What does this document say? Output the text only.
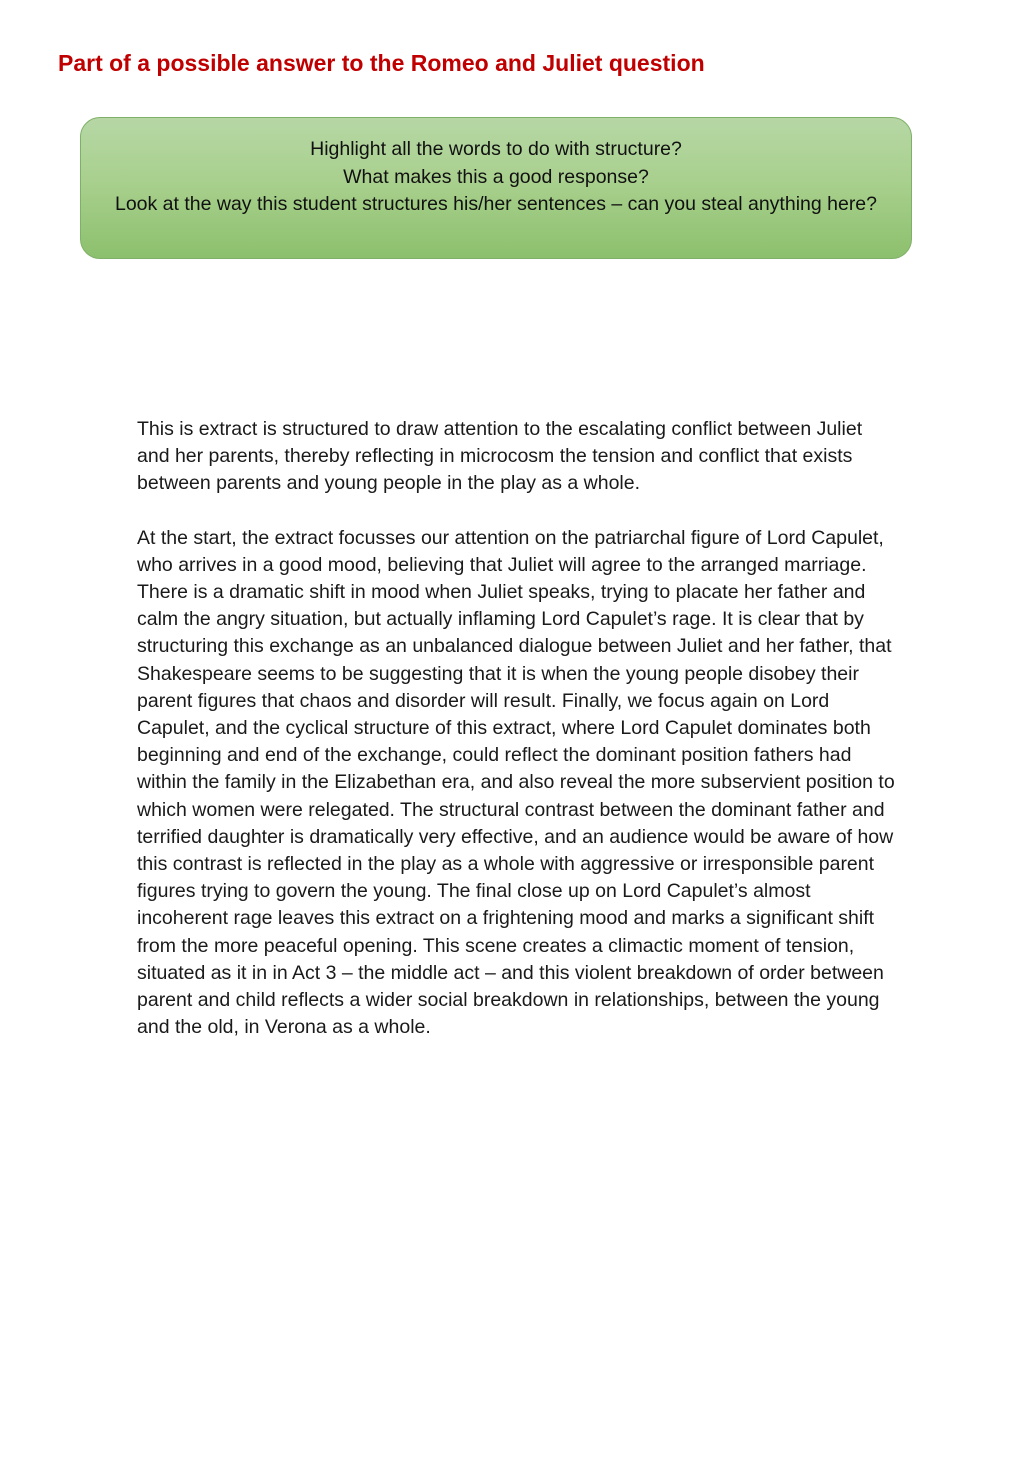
Part of a possible answer to the Romeo and Juliet question
Highlight all the words to do with structure?
What makes this a good response?
Look at the way this student structures his/her sentences – can you steal anything here?

This is extract is structured to draw attention to the escalating conflict between Juliet and her parents, thereby reflecting in microcosm the tension and conflict that exists between parents and young people in the play as a whole.

At the start, the extract focusses our attention on the patriarchal figure of Lord Capulet, who arrives in a good mood, believing that Juliet will agree to the arranged marriage. There is a dramatic shift in mood when Juliet speaks, trying to placate her father and calm the angry situation, but actually inflaming Lord Capulet’s rage. It is clear that by structuring this exchange as an unbalanced dialogue between Juliet and her father, that Shakespeare seems to be suggesting that it is when the young people disobey their parent figures that chaos and disorder will result. Finally, we focus again on Lord Capulet, and the cyclical structure of this extract, where Lord Capulet dominates both beginning and end of the exchange, could reflect the dominant position fathers had within the family in the Elizabethan era, and also reveal the more subservient position to which women were relegated. The structural contrast between the dominant father and terrified daughter is dramatically very effective, and an audience would be aware of how this contrast is reflected in the play as a whole with aggressive or irresponsible parent figures trying to govern the young. The final close up on Lord Capulet’s almost incoherent rage leaves this extract on a frightening mood and marks a significant shift from the more peaceful opening. This scene creates a climactic moment of tension, situated as it in in Act 3 – the middle act – and this violent breakdown of order between parent and child reflects a wider social breakdown in relationships, between the young and the old, in Verona as a whole.
